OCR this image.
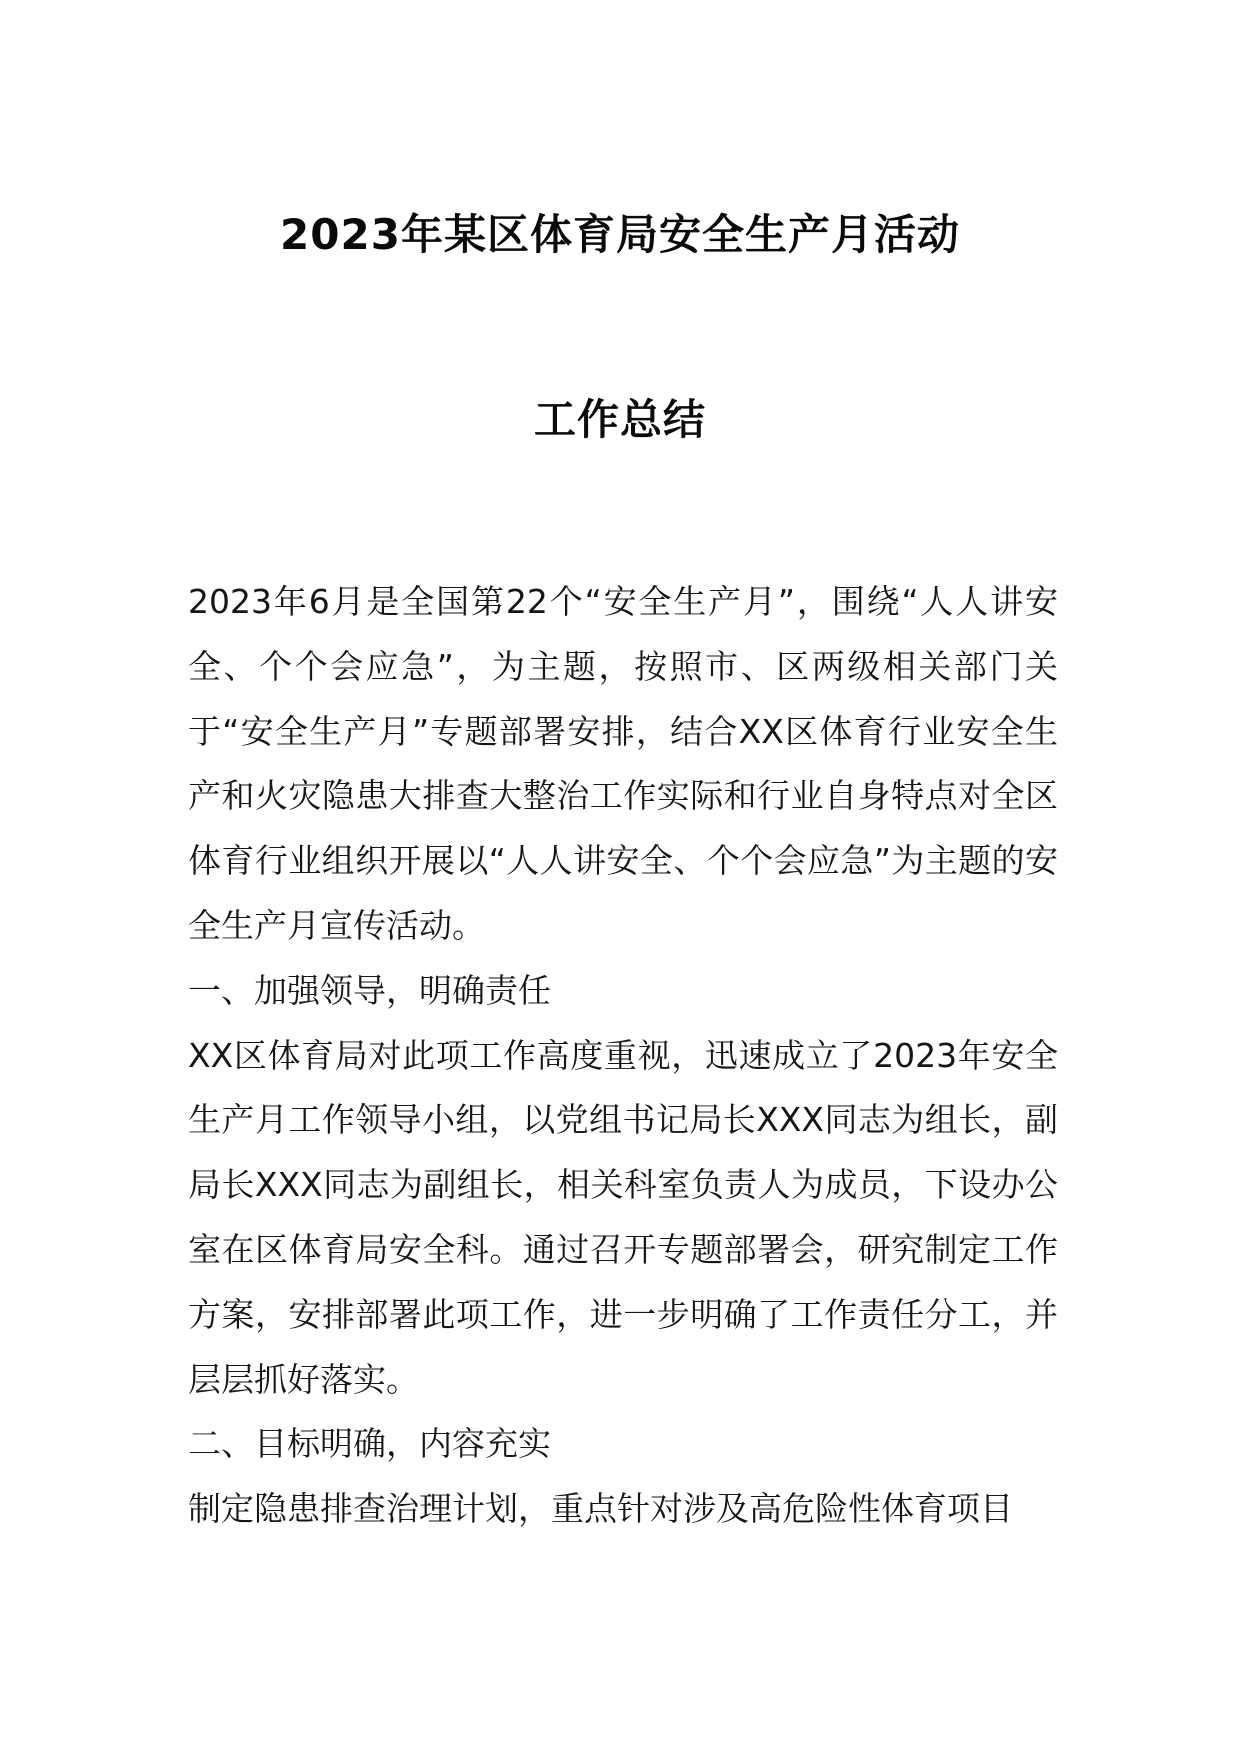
2023年某区体育局安全生产月活动
工作总结

2023年6月是全国第22个“安全生产月”，围绕“人人讲安全、个个会应急”，为主题，按照市、区两级相关部门关于“安全生产月”专题部署安排，结合XX区体育行业安全生产和火灾隐患大排查大整治工作实际和行业自身特点对全区体育行业组织开展以“人人讲安全、个个会应急”为主题的安全生产月宣传活动。

一、加强领导，明确责任

XX区体育局对此项工作高度重视，迅速成立了2023年安全生产月工作领导小组，以党组书记局长XXX同志为组长，副局长XXX同志为副组长，相关科室负责人为成员，下设办公室在区体育局安全科。通过召开专题部署会，研究制定工作方案，安排部署此项工作，进一步明确了工作责任分工，并层层抓好落实。

二、目标明确，内容充实

制定隐患排查治理计划，重点针对涉及高危险性体育项目
